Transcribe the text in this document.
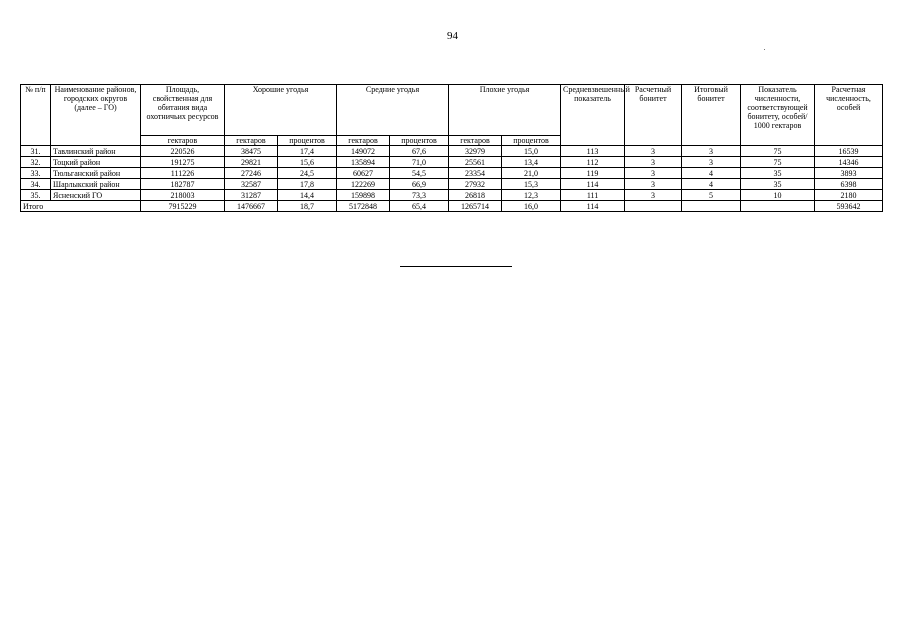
94
№ п/п	Наименование районов, городских округов (далее – ГО)	Площадь, свойственная для обитания вида охотничьих ресурсов	Хорошие угодья		Средние угодья		Плохие угодья		Средневзвешенный показатель	Расчетный бонитет	Итоговый бонитет	Показатель численности, соответствующей бонитету, особей/ 1000 гектаров	Расчетная численность, особей
		гектаров	гектаров	процентов	гектаров	процентов	гектаров	процентов					
31.	Тавлинский район	220526	38475	17,4	149072	67,6	32979	15,0	113	3	3	75	16539
32.	Тоцкий район	191275	29821	15,6	135894	71,0	25561	13,4	112	3	3	75	14346
33.	Тюльганский район	111226	27246	24,5	60627	54,5	23354	21,0	119	3	4	35	3893
34.	Шарлыкский район	182787	32587	17,8	122269	66,9	27932	15,3	114	3	4	35	6398
35.	Ясненский ГО	218003	31287	14,4	159898	73,3	26818	12,3	111	3	5	10	2180
Итого		7915229	1476667	18,7	5172848	65,4	1265714	16,0	114				593642
